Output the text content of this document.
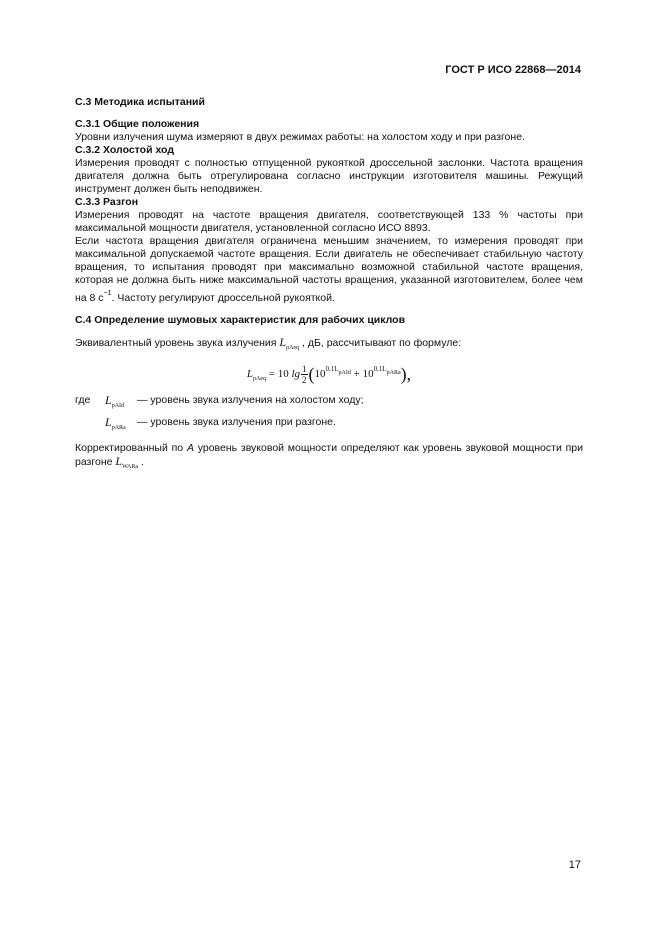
ГОСТ Р ИСО 22868—2014

С.3 Методика испытаний

С.3.1 Общие положения

Уровни излучения шума измеряют в двух режимах работы: на холостом ходу и при разгоне.

С.3.2 Холостой ход

Измерения проводят с полностью отпущенной рукояткой дроссельной заслонки. Частота вращения двигателя должна быть отрегулирована согласно инструкции изготовителя машины. Режущий инструмент должен быть неподвижен.

С.3.3 Разгон

Измерения проводят на частоте вращения двигателя, соответствующей 133 % частоты при максимальной мощности двигателя, установленной согласно ИСО 8893.

Если частота вращения двигателя ограничена меньшим значением, то измерения проводят при максимальной допускаемой частоте вращения. Если двигатель не обеспечивает стабильную частоту вращения, то испытания проводят при максимально возможной стабильной частоте вращения, которая не должна быть ниже максимальной частоты вращения, указанной изготовителем, более чем на 8 $с^{-1}$. Частоту регулируют дроссельной рукояткой.

С.4 Определение шумовых характеристик для рабочих циклов

Эквивалентный уровень звука излучения $L_{pAeq}$ , дБ, рассчитывают по формуле:

$L_{pAeq} = 10$ $\lg \frac{1}{2} (10^{0,1LpAId} + 10^{0,1LpARa})$,
где	$L_{pAId}$	— уровень звука излучения на холостом ходу;
$L_{pARa}$	— уровень звука излучения при разгоне.

Корректированный по А уровень звуковой мощности определяют как уровень звуковой мощности при разгоне $L_{WARa}$ .

17
